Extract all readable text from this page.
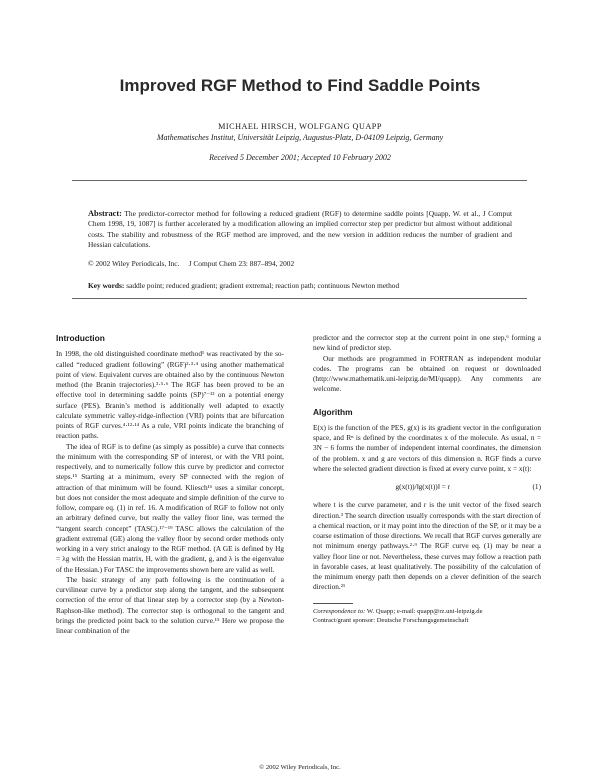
Improved RGF Method to Find Saddle Points
MICHAEL HIRSCH, WOLFGANG QUAPP
Mathematisches Institut, Universität Leipzig, Augustus-Platz, D-04109 Leipzig, Germany
Received 5 December 2001; Accepted 10 February 2002
Abstract: The predictor-corrector method for following a reduced gradient (RGF) to determine saddle points [Quapp, W. et al., J Comput Chem 1998, 19, 1087] is further accelerated by a modification allowing an implied corrector step per predictor but almost without additional costs. The stability and robustness of the RGF method are improved, and the new version in addition reduces the number of gradient and Hessian calculations.
© 2002 Wiley Periodicals, Inc.     J Comput Chem 23: 887–894, 2002
Key words: saddle point; reduced gradient; gradient extremal; reaction path; continuous Newton method
Introduction

In 1998, the old distinguished coordinate method¹ was reactivated by the so-called “reduced gradient following” (RGF)²·³·⁴ using another mathematical point of view. Equivalent curves are obtained also by the continuous Newton method (the Branin trajectories).³·⁵·⁶ The RGF has been proved to be an effective tool in determining saddle points (SP)⁷⁻¹³ on a potential energy surface (PES). Branin’s method is additionally well adapted to exactly calculate symmetric valley-ridge-inflection (VRI) points that are bifurcation points of RGF curves.⁴·¹²·¹⁴ As a rule, VRI points indicate the branching of reaction paths.

The idea of RGF is to define (as simply as possible) a curve that connects the minimum with the corresponding SP of interest, or with the VRI point, respectively, and to numerically follow this curve by predictor and corrector steps.¹⁵ Starting at a minimum, every SP connected with the region of attraction of that minimum will be found. Kliesch¹⁶ uses a similar concept, but does not consider the most adequate and simple definition of the curve to follow, compare eq. (1) in ref. 16. A modification of RGF to follow not only an arbitrary defined curve, but really the valley floor line, was termed the “tangent search concept” (TASC).¹⁷⁻¹⁹ TASC allows the calculation of the gradient extremal (GE) along the valley floor by second order methods only working in a very strict analogy to the RGF method. (A GE is defined by Hg = λg with the Hessian matrix, H, with the gradient, g, and λ is the eigenvalue of the Hessian.) For TASC the improvements shown here are valid as well.

The basic strategy of any path following is the continuation of a curvilinear curve by a predictor step along the tangent, and the subsequent correction of the error of that linear step by a corrector step (by a Newton-Raphson-like method). The corrector step is orthogonal to the tangent and brings the predicted point back to the solution curve.¹⁵ Here we propose the linear combination of the

predictor and the corrector step at the current point in one step,⁶ forming a new kind of predictor step.

Our methods are programmed in FORTRAN as independent modular codes. The programs can be obtained on request or downloaded (http://www.mathematik.uni-leipzig.de/MI/quapp). Any comments are welcome.

Algorithm

E(x) is the function of the PES, g(x) is its gradient vector in the configuration space, and Rⁿ is defined by the coordinates x of the molecule. As usual, n = 3N − 6 forms the number of independent internal coordinates, the dimension of the problem. x and g are vectors of this dimension n. RGF finds a curve where the selected gradient direction is fixed at every curve point, x = x(t):

g(x(t))/‖g(x(t))‖ = r	(1)

where t is the curve parameter, and r is the unit vector of the fixed search direction.³ The search direction usually corresponds with the start direction of a chemical reaction, or it may point into the direction of the SP, or it may be a coarse estimation of those directions. We recall that RGF curves generally are not minimum energy pathways.²·⁹ The RGF curve eq. (1) may be near a valley floor line or not. Nevertheless, these curves may follow a reaction path in favorable cases, at least qualitatively. The possibility of the calculation of the minimum energy path then depends on a clever definition of the search direction.²¹

Correspondence to: W. Quapp; e-mail: quapp@rz.uni-leipzig.de
Contract/grant sponsor: Deutsche Forschungsgemeinschaft
© 2002 Wiley Periodicals, Inc.
